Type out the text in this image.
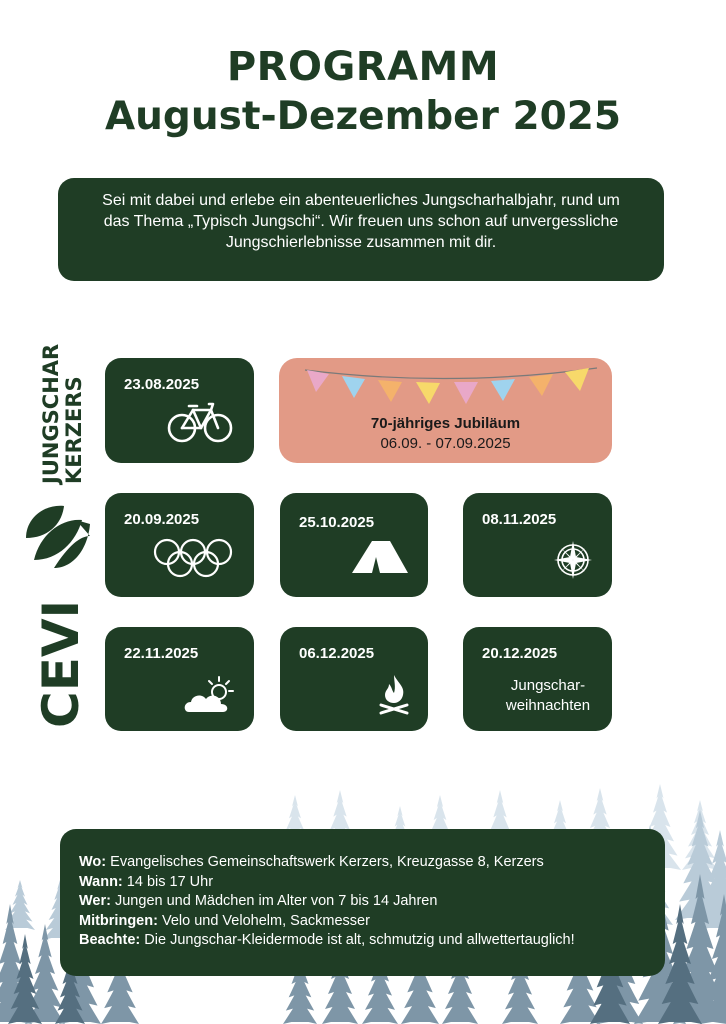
PROGRAMM
August-Dezember 2025
Sei mit dabei und erlebe ein abenteuerliches Jungscharhalbjahr, rund um
das Thema „Typisch Jungschi“. Wir freuen uns schon auf unvergessliche
Jungschierlebnisse zusammen mit dir.
CEVI
JUNGSCHAR KERZERS	23.08.2025
70-jähriges Jubiläum
06.09. - 07.09.2025
20.09.2025	25.10.2025	08.11.2025
22.11.2025	06.12.2025	20.12.2025
Jungschar-
weihnachten
Wo: Evangelisches Gemeinschaftswerk Kerzers, Kreuzgasse 8, Kerzers
Wann: 14 bis 17 Uhr
Wer: Jungen und Mädchen im Alter von 7 bis 14 Jahren
Mitbringen: Velo und Velohelm, Sackmesser
Beachte: Die Jungschar-Kleidermode ist alt, schmutzig und allwettertauglich!
